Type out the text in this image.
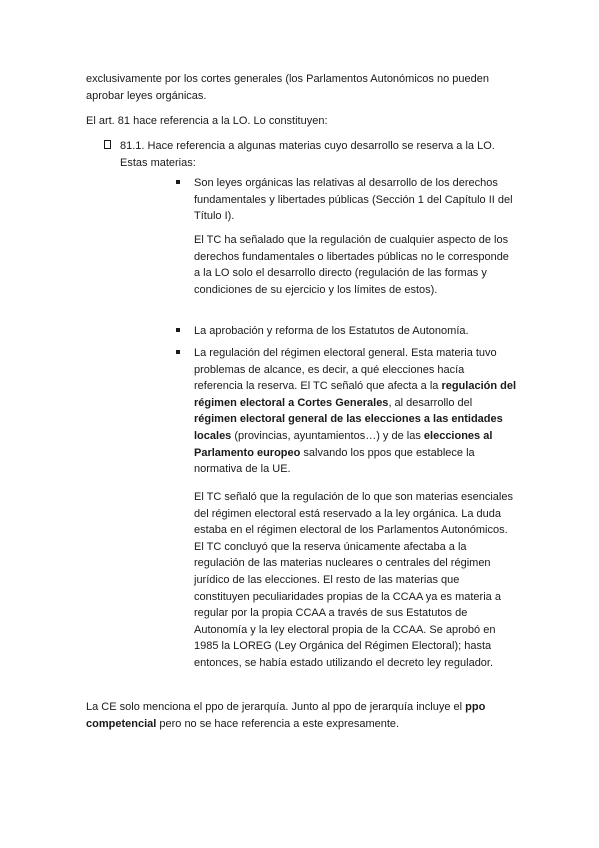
exclusivamente por los cortes generales (los Parlamentos Autonómicos no pueden aprobar leyes orgánicas.

El art. 81 hace referencia a la LO. Lo constituyen:

81.1. Hace referencia a algunas materias cuyo desarrollo se reserva a la LO. Estas materias:
Son leyes orgánicas las relativas al desarrollo de los derechos fundamentales y libertades públicas (Sección 1 del Capítulo II del Título I).

El TC ha señalado que la regulación de cualquier aspecto de los derechos fundamentales o libertades públicas no le corresponde a la LO solo el desarrollo directo (regulación de las formas y condiciones de su ejercicio y los límites de estos).

La aprobación y reforma de los Estatutos de Autonomía.
La regulación del régimen electoral general. Esta materia tuvo problemas de alcance, es decir, a qué elecciones hacía referencia la reserva. El TC señaló que afecta a la regulación del régimen electoral a Cortes Generales, al desarrollo del régimen electoral general de las elecciones a las entidades locales (provincias, ayuntamientos…) y de las elecciones al Parlamento europeo salvando los ppos que establece la normativa de la UE.

El TC señaló que la regulación de lo que son materias esenciales del régimen electoral está reservado a la ley orgánica. La duda estaba en el régimen electoral de los Parlamentos Autonómicos. El TC concluyó que la reserva únicamente afectaba a la regulación de las materias nucleares o centrales del régimen jurídico de las elecciones. El resto de las materias que constituyen peculiaridades propias de la CCAA ya es materia a regular por la propia CCAA a través de sus Estatutos de Autonomía y la ley electoral propia de la CCAA. Se aprobó en 1985 la LOREG (Ley Orgánica del Régimen Electoral); hasta entonces, se había estado utilizando el decreto ley regulador.

La CE solo menciona el ppo de jerarquía. Junto al ppo de jerarquía incluye el ppo competencial pero no se hace referencia a este expresamente.
